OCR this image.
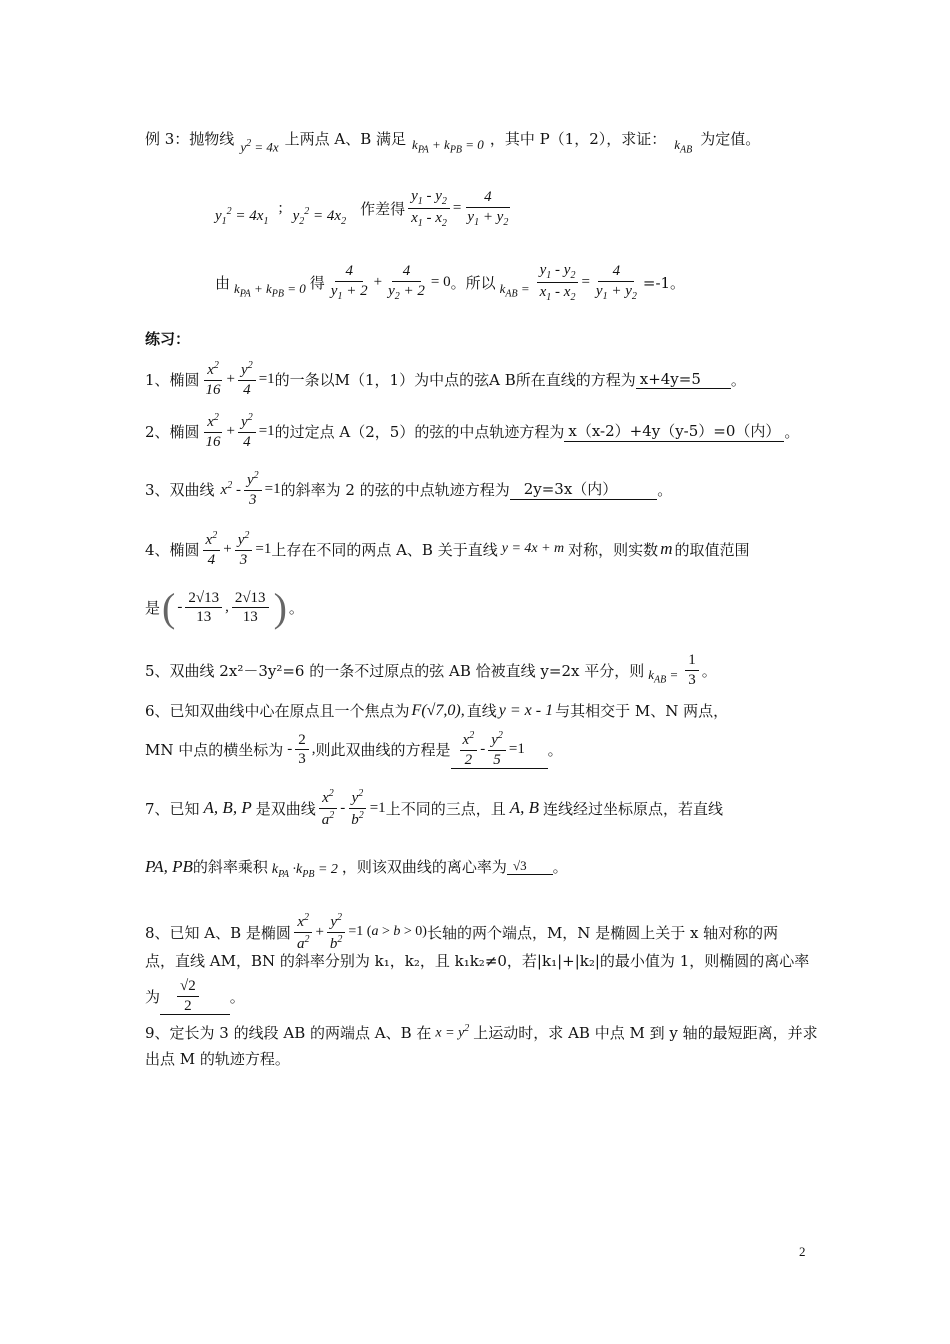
例 3：抛物线 $y^2 = 4x$ 上两点 A、B 满足 $k_{PA} + k_{PB} = 0$ ，其中 P（1，2），求证： $k_{AB}$
为定值。
$y_1^2 = 4x_1$
; $y_2^2 = 4x_2$
作差得 $\frac{y_1 - y_2}{x_1 - x_2} = \frac{4}{y_1 + y_2}$
由 $k_{PA} + k_{PB} = 0$ 得 $\frac{4}{y_1 + 2} + \frac{4}{y_2 + 2} = 0$ 。所以 $k_{AB} = \frac{y_1 - y_2}{x_1 - x_2} = \frac{4}{y_1 + y_2} =-1$。
练习：
1、椭圆 $\frac{x^2}{16} + \frac{y^2}{4} =1$ 的一条以M（1，1）为中点的弦A B所在直线的方程为 x+4y=5	。
2、椭圆 $\frac{x^2}{16} + \frac{y^2}{4} =1$ 的过定点 A（2，5）的弦的中点轨迹方程为 x（x-2）+4y（y-5）=0（内） 。
3、双曲线 $x^2 - \frac{y^2}{3} =1$ 的斜率为 2 的弦的中点轨迹方程为 2y=3x（内）	。
4、椭圆 $\frac{x^2}{4} + \frac{y^2}{3} =1$ 上存在不同的两点 A、B 关于直线 y = 4x + m 对称，则实数 m 的取值范围
是 ( - $\frac{2√13}{13}$ , $\frac{2√13}{13}$ ) 。
5、双曲线 2x²－3y²=6 的一条不过原点的弦 AB 恰被直线 y=2x 平分，则 $k_{AB} = \frac{1}{3}$ 。
6、已知双曲线中心在原点且一个焦点为 F(√7,0), 直线 y = x - 1 与其相交于 M、N 两点，
MN 中点的横坐标为 - $\frac{2}{3}$ , 则此双曲线的方程是 $\frac{x^2}{2} - \frac{y^2}{5} =1$ 。
7、已知 A, B, P 是双曲线 $\frac{x^2}{a^2} - \frac{y^2}{b^2} =1$ 上不同的三点，且 A, B 连线经过坐标原点，若直线
PA, PB 的斜率乘积 $k_{PA} \cdot k_{PB} = 2$ ，则该双曲线的离心率为 √3	。
8、已知 A、B 是椭圆 $\frac{x^2}{a^2} + \frac{y^2}{b^2} =1$ (a > b > 0) 长轴的两个端点，M，N 是椭圆上关于 x 轴对称的两
点，直线 AM，BN 的斜率分别为 k₁，k₂，且 k₁k₂≠0，若|k₁|+|k₂|的最小值为 1，则椭圆的离心率
为 $\frac{√2}{2}$ 。
9、定长为 3 的线段 AB 的两端点 A、B 在 $x = y^2$ 上运动时，求 AB 中点 M 到 y 轴的最短距离，并求
出点 M 的轨迹方程。
2
